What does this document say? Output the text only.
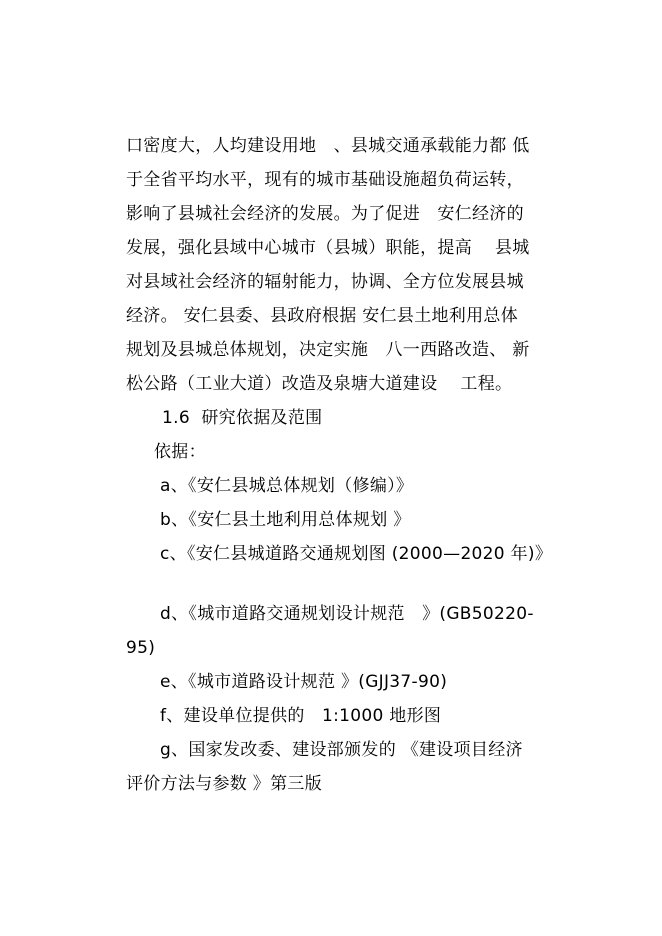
口密度大，人均建设用地　、县城交通承载能力都 低
于全省平均水平，现有的城市基础设施超负荷运转，
影响了县城社会经济的发展。为了促进　安仁经济的
发展，强化县域中心城市（县城）职能，提高　 县城
对县域社会经济的辐射能力，协调、全方位发展县城
经济。 安仁县委、县政府根据 安仁县土地利用总体
规划及县城总体规划，决定实施　八一西路改造、 新
松公路（工业大道）改造及泉塘大道建设　 工程。
1.6  研究依据及范围
依据：
a、《安仁县城总体规划（修编）》
b、《安仁县土地利用总体规划 》
c、《安仁县城道路交通规划图 (2000—2020 年)》
d、《城市道路交通规划设计规范　》(GB50220-
95)
e、《城市道路设计规范 》(GJJ37-90)
f、建设单位提供的　1:1000 地形图
g、国家发改委、建设部颁发的 《建设项目经济
评价方法与参数 》第三版
